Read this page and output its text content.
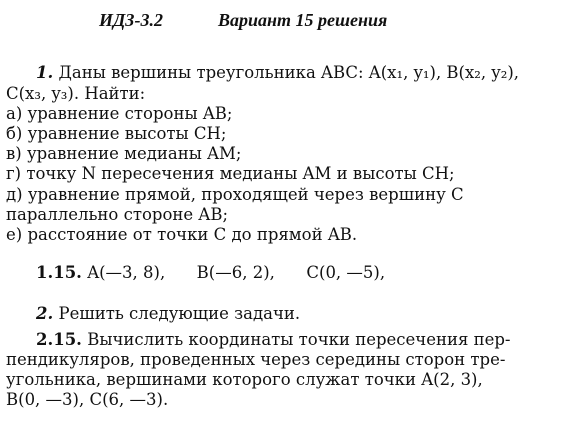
ИДЗ-3.2	Вариант 15 решения
1. Даны вершины треугольника ABC: A(x₁, y₁), B(x₂, y₂),
C(x₃, y₃). Найти:
а) уравнение стороны AB;
б) уравнение высоты CH;
в) уравнение медианы AM;
г) точку N пересечения медианы AM и высоты CH;
д) уравнение прямой, проходящей через вершину C
параллельно стороне AB;
е) расстояние от точки C до прямой AB.
1.15. A(—3, 8),      B(—6, 2),      C(0, —5),
2. Решить следующие задачи.
2.15. Вычислить координаты точки пересечения пер-
пендикуляров, проведенных через середины сторон тре-
угольника, вершинами которого служат точки A(2, 3),
B(0, —3), C(6, —3).
